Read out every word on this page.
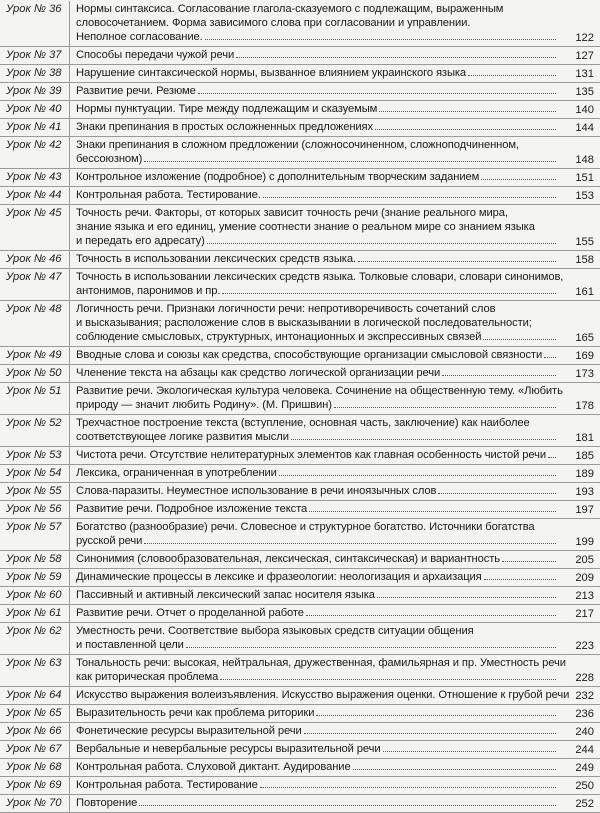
Урок № 36 Нормы синтаксиса. Согласование глагола-сказуемого с подлежащим, выраженным
словосочетанием. Форма зависимого слова при согласовании и управлении.
Неполное согласование.	122
Урок № 37 Способы передачи чужой речи	127
Урок № 38 Нарушение синтаксической нормы, вызванное влиянием украинского языка	131
Урок № 39 Развитие речи. Резюме	135
Урок № 40 Нормы пунктуации. Тире между подлежащим и сказуемым	140
Урок № 41 Знаки препинания в простых осложненных предложениях	144
Урок № 42 Знаки препинания в сложном предложении (сложносочиненном, сложноподчиненном,
бессоюзном)	148
Урок № 43 Контрольное изложение (подробное) с дополнительным творческим заданием	151
Урок № 44 Контрольная работа. Тестирование.	153
Урок № 45 Точность речи. Факторы, от которых зависит точность речи (знание реального мира,
знание языка и его единиц, умение соотнести знание о реальном мире со знанием языка
и передать его адресату)	155
Урок № 46 Точность в использовании лексических средств языка.	158
Урок № 47 Точность в использовании лексических средств языка. Толковые словари, словари синонимов,
антонимов, паронимов и пр.	161
Урок № 48 Логичность речи. Признаки логичности речи: непротиворечивость сочетаний слов
и высказывания; расположение слов в высказывании в логической последовательности;
соблюдение смысловых, структурных, интонационных и экспрессивных связей	165
Урок № 49 Вводные слова и союзы как средства, способствующие организации смысловой связности	169
Урок № 50 Членение текста на абзацы как средство логической организации речи	173
Урок № 51 Развитие речи. Экологическая культура человека. Сочинение на общественную тему. «Любить
природу — значит любить Родину». (М. Пришвин)	178
Урок № 52 Трехчастное построение текста (вступление, основная часть, заключение) как наиболее
соответствующее логике развития мысли	181
Урок № 53 Чистота речи. Отсутствие нелитературных элементов как главная особенность чистой речи	185
Урок № 54 Лексика, ограниченная в употреблении	189
Урок № 55 Слова-паразиты. Неуместное использование в речи иноязычных слов	193
Урок № 56 Развитие речи. Подробное изложение текста	197
Урок № 57 Богатство (разнообразие) речи. Словесное и структурное богатство. Источники богатства
русской речи	199
Урок № 58 Синонимия (словообразовательная, лексическая, синтаксическая) и вариантность	205
Урок № 59 Динамические процессы в лексике и фразеологии: неологизация и архаизация	209
Урок № 60 Пассивный и активный лексический запас носителя языка	213
Урок № 61 Развитие речи. Отчет о проделанной работе	217
Урок № 62 Уместность речи. Соответствие выбора языковых средств ситуации общения
и поставленной цели	223
Урок № 63 Тональность речи: высокая, нейтральная, дружественная, фамильярная и пр. Уместность речи
как риторическая проблема	228
Урок № 64 Искусство выражения волеизъявления. Искусство выражения оценки. Отношение к грубой речи 232
Урок № 65 Выразительность речи как проблема риторики	236
Урок № 66 Фонетические ресурсы выразительной речи	240
Урок № 67 Вербальные и невербальные ресурсы выразительной речи	244
Урок № 68 Контрольная работа. Слуховой диктант. Аудирование	249
Урок № 69 Контрольная работа. Тестирование	250
Урок № 70 Повторение	252
